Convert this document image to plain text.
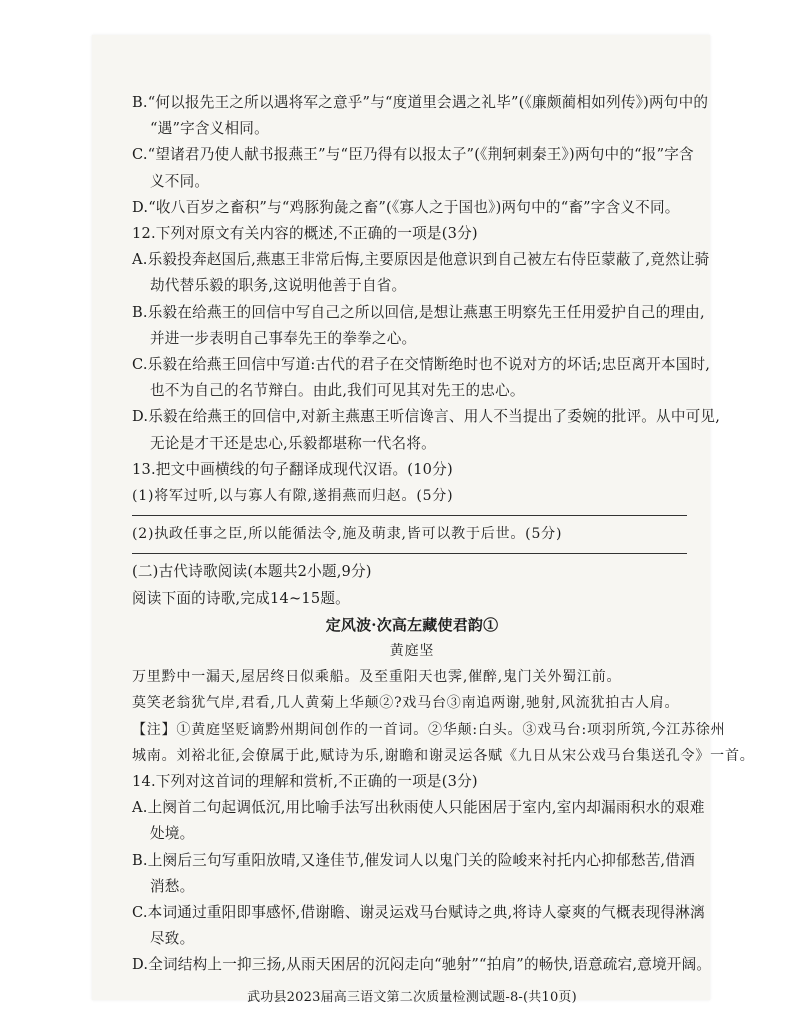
B.“何以报先王之所以遇将军之意乎”与“度道里会遇之礼毕”(《廉颇蔺相如列传》)两句中的
“遇”字含义相同。
C.“望诸君乃使人献书报燕王”与“臣乃得有以报太子”(《荆轲刺秦王》)两句中的“报”字含
义不同。
D.“收八百岁之畜积”与“鸡豚狗彘之畜”(《寡人之于国也》)两句中的“畜”字含义不同。
12.下列对原文有关内容的概述,不正确的一项是(3分)
A.乐毅投奔赵国后,燕惠王非常后悔,主要原因是他意识到自己被左右侍臣蒙蔽了,竟然让骑
劫代替乐毅的职务,这说明他善于自省。
B.乐毅在给燕王的回信中写自己之所以回信,是想让燕惠王明察先王任用爱护自己的理由,
并进一步表明自己事奉先王的拳拳之心。
C.乐毅在给燕王回信中写道:古代的君子在交情断绝时也不说对方的坏话;忠臣离开本国时,
也不为自己的名节辩白。由此,我们可见其对先王的忠心。
D.乐毅在给燕王的回信中,对新主燕惠王听信谗言、用人不当提出了委婉的批评。从中可见,
无论是才干还是忠心,乐毅都堪称一代名将。
13.把文中画横线的句子翻译成现代汉语。(10分)
(1)将军过听,以与寡人有隙,遂捐燕而归赵。(5分)
(2)执政任事之臣,所以能循法令,施及萌隶,皆可以教于后世。(5分)
(二)古代诗歌阅读(本题共2小题,9分)
阅读下面的诗歌,完成14~15题。
定风波·次高左藏使君韵①
黄庭坚
万里黔中一漏天,屋居终日似乘船。及至重阳天也霁,催醉,鬼门关外蜀江前。
莫笑老翁犹气岸,君看,几人黄菊上华颠②?戏马台③南追两谢,驰射,风流犹拍古人肩。
【注】①黄庭坚贬谪黔州期间创作的一首词。②华颠:白头。③戏马台:项羽所筑,今江苏徐州
城南。刘裕北征,会僚属于此,赋诗为乐,谢瞻和谢灵运各赋《九日从宋公戏马台集送孔令》一首。
14.下列对这首词的理解和赏析,不正确的一项是(3分)
A.上阕首二句起调低沉,用比喻手法写出秋雨使人只能困居于室内,室内却漏雨积水的艰难
处境。
B.上阕后三句写重阳放晴,又逢佳节,催发词人以鬼门关的险峻来衬托内心抑郁愁苦,借酒
消愁。
C.本词通过重阳即事感怀,借谢瞻、谢灵运戏马台赋诗之典,将诗人豪爽的气概表现得淋漓
尽致。
D.全词结构上一抑三扬,从雨天困居的沉闷走向“驰射”“拍肩”的畅快,语意疏宕,意境开阔。
武功县2023届高三语文第二次质量检测试题-8-(共10页)
